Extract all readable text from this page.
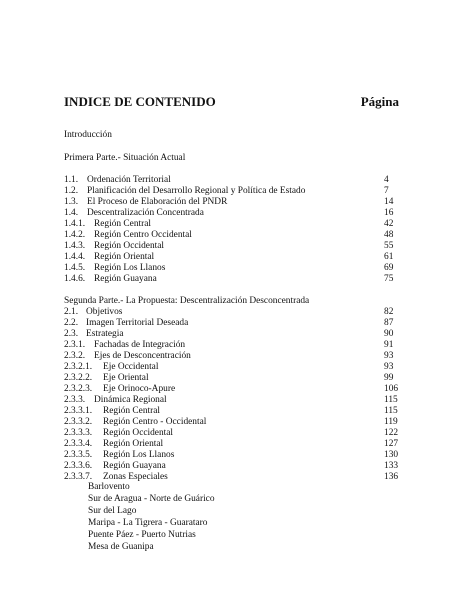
INDICE DE CONTENIDO	Página
Introducción
Primera Parte.- Situación Actual
1.1. Ordenación Territorial	4
1.2. Planificación del Desarrollo Regional y Política de Estado	7
1.3. El Proceso de Elaboración del PNDR	14
1.4. Descentralización Concentrada	16
1.4.1. Región Central	42
1.4.2. Región Centro Occidental	48
1.4.3. Región Occidental	55
1.4.4. Región Oriental	61
1.4.5. Región Los Llanos	69
1.4.6. Región Guayana	75
Segunda Parte.- La Propuesta: Descentralización Desconcentrada
2.1. Objetivos	82
2.2. Imagen Territorial Deseada	87
2.3. Estrategia	90
2.3.1. Fachadas de Integración	91
2.3.2. Ejes de Desconcentración	93
2.3.2.1. Eje Occidental	93
2.3.2.2. Eje Oriental	99
2.3.2.3. Eje Orinoco-Apure	106
2.3.3. Dinámica Regional	115
2.3.3.1. Región Central	115
2.3.3.2. Región Centro - Occidental	119
2.3.3.3. Región Occidental	122
2.3.3.4. Región Oriental	127
2.3.3.5. Región Los Llanos	130
2.3.3.6. Región Guayana	133
2.3.3.7. Zonas Especiales	136
Barlovento
Sur de Aragua - Norte de Guárico
Sur del Lago
Maripa - La Tigrera - Guarataro
Puente Páez - Puerto Nutrias
Mesa de Guanipa
